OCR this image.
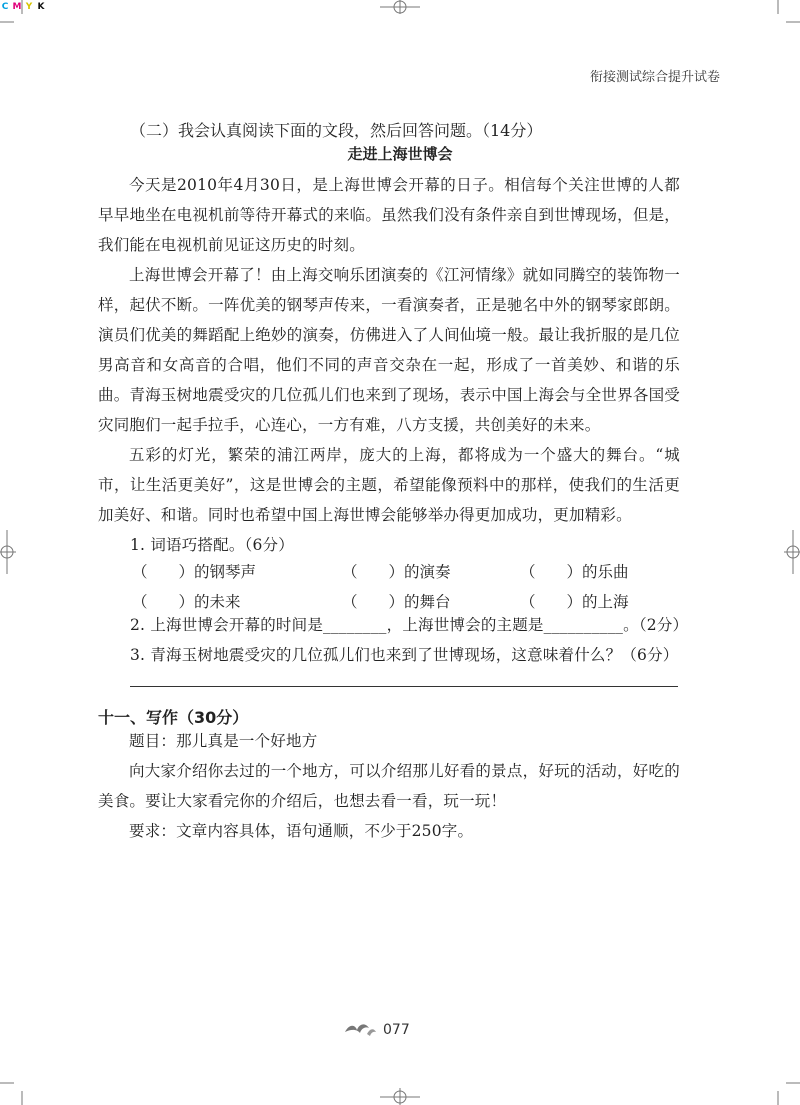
C M Y K
衔接测试综合提升试卷
（二）我会认真阅读下面的文段，然后回答问题。（14分）
走进上海世博会
今天是2010年4月30日，是上海世博会开幕的日子。相信每个关注世博的人都早早地坐在电视机前等待开幕式的来临。虽然我们没有条件亲自到世博现场，但是，我们能在电视机前见证这历史的时刻。
上海世博会开幕了！由上海交响乐团演奏的《江河情缘》就如同腾空的装饰物一样，起伏不断。一阵优美的钢琴声传来，一看演奏者，正是驰名中外的钢琴家郎朗。演员们优美的舞蹈配上绝妙的演奏，仿佛进入了人间仙境一般。最让我折服的是几位男高音和女高音的合唱，他们不同的声音交杂在一起，形成了一首美妙、和谐的乐曲。青海玉树地震受灾的几位孤儿们也来到了现场，表示中国上海会与全世界各国受灾同胞们一起手拉手，心连心，一方有难，八方支援，共创美好的未来。
五彩的灯光，繁荣的浦江两岸，庞大的上海，都将成为一个盛大的舞台。“城市，让生活更美好”，这是世博会的主题，希望能像预料中的那样，使我们的生活更加美好、和谐。同时也希望中国上海世博会能够举办得更加成功，更加精彩。
1. 词语巧搭配。（6分）
（　　）的钢琴声	（　　）的演奏	（　　）的乐曲
（　　）的未来	（　　）的舞台	（　　）的上海
2. 上海世博会开幕的时间是________，上海世博会的主题是__________。（2分）
3. 青海玉树地震受灾的几位孤儿们也来到了世博现场，这意味着什么？（6分）
十一、写作（30分）
题目：那儿真是一个好地方
向大家介绍你去过的一个地方，可以介绍那儿好看的景点，好玩的活动，好吃的美食。要让大家看完你的介绍后，也想去看一看，玩一玩！
要求：文章内容具体，语句通顺，不少于250字。
077
